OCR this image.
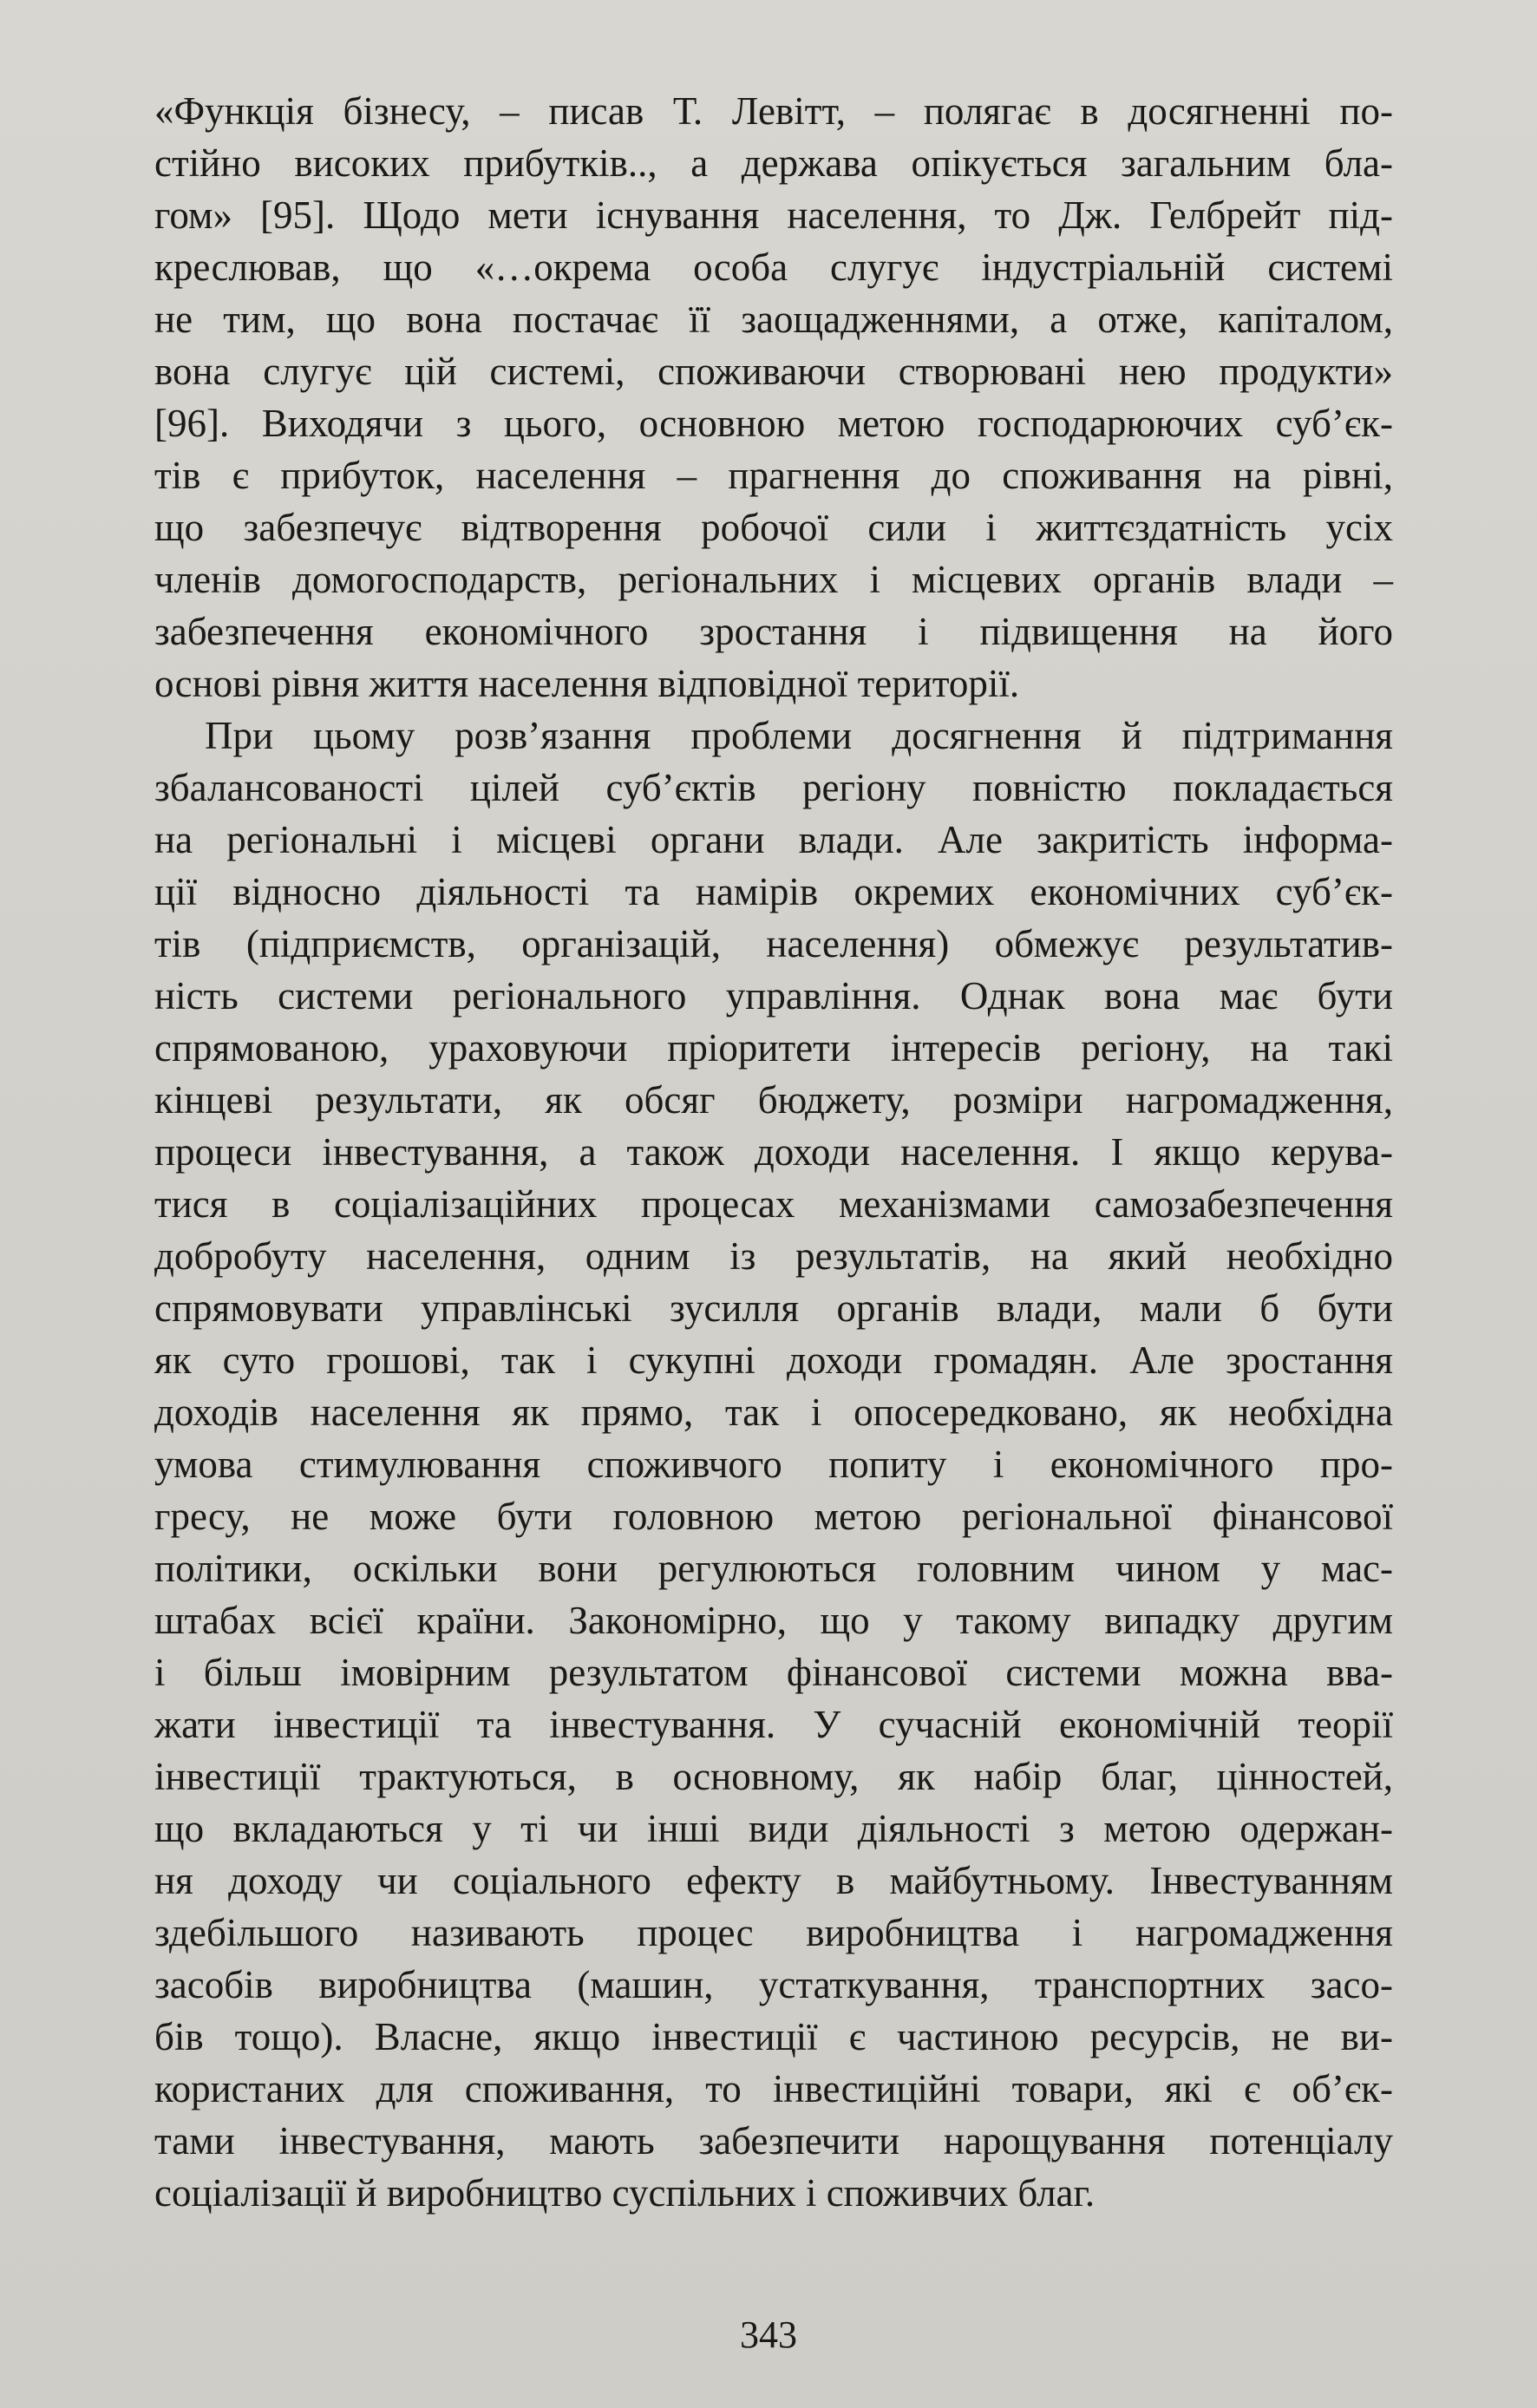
«Функція бізнесу, – писав Т. Левітт, – полягає в досягненні по-
стійно високих прибутків.., а держава опікується загальним бла-
гом» [95]. Щодо мети існування населення, то Дж. Гелбрейт під-
креслював, що «…окрема особа слугує індустріальній системі
не тим, що вона постачає її заощадженнями, а отже, капіталом,
вона слугує цій системі, споживаючи створювані нею продукти»
[96]. Виходячи з цього, основною метою господарюючих суб’єк-
тів є прибуток, населення – прагнення до споживання на рівні,
що забезпечує відтворення робочої сили і життєздатність усіх
членів домогосподарств, регіональних і місцевих органів влади –
забезпечення економічного зростання і підвищення на його
основі рівня життя населення відповідної території.
При цьому розв’язання проблеми досягнення й підтримання
збалансованості цілей суб’єктів регіону повністю покладається
на регіональні і місцеві органи влади. Але закритість інформа-
ції відносно діяльності та намірів окремих економічних суб’єк-
тів (підприємств, організацій, населення) обмежує результатив-
ність системи регіонального управління. Однак вона має бути
спрямованою, ураховуючи пріоритети інтересів регіону, на такі
кінцеві результати, як обсяг бюджету, розміри нагромадження,
процеси інвестування, а також доходи населення. І якщо керува-
тися в соціалізаційних процесах механізмами самозабезпечення
добробуту населення, одним із результатів, на який необхідно
спрямовувати управлінські зусилля органів влади, мали б бути
як суто грошові, так і сукупні доходи громадян. Але зростання
доходів населення як прямо, так і опосередковано, як необхідна
умова стимулювання споживчого попиту і економічного про-
гресу, не може бути головною метою регіональної фінансової
політики, оскільки вони регулюються головним чином у мас-
штабах всієї країни. Закономірно, що у такому випадку другим
і більш імовірним результатом фінансової системи можна вва-
жати інвестиції та інвестування. У сучасній економічній теорії
інвестиції трактуються, в основному, як набір благ, цінностей,
що вкладаються у ті чи інші види діяльності з метою одержан-
ня доходу чи соціального ефекту в майбутньому. Інвестуванням
здебільшого називають процес виробництва і нагромадження
засобів виробництва (машин, устаткування, транспортних засо-
бів тощо). Власне, якщо інвестиції є частиною ресурсів, не ви-
користаних для споживання, то інвестиційні товари, які є об’єк-
тами інвестування, мають забезпечити нарощування потенціалу
соціалізації й виробництво суспільних і споживчих благ.
343
